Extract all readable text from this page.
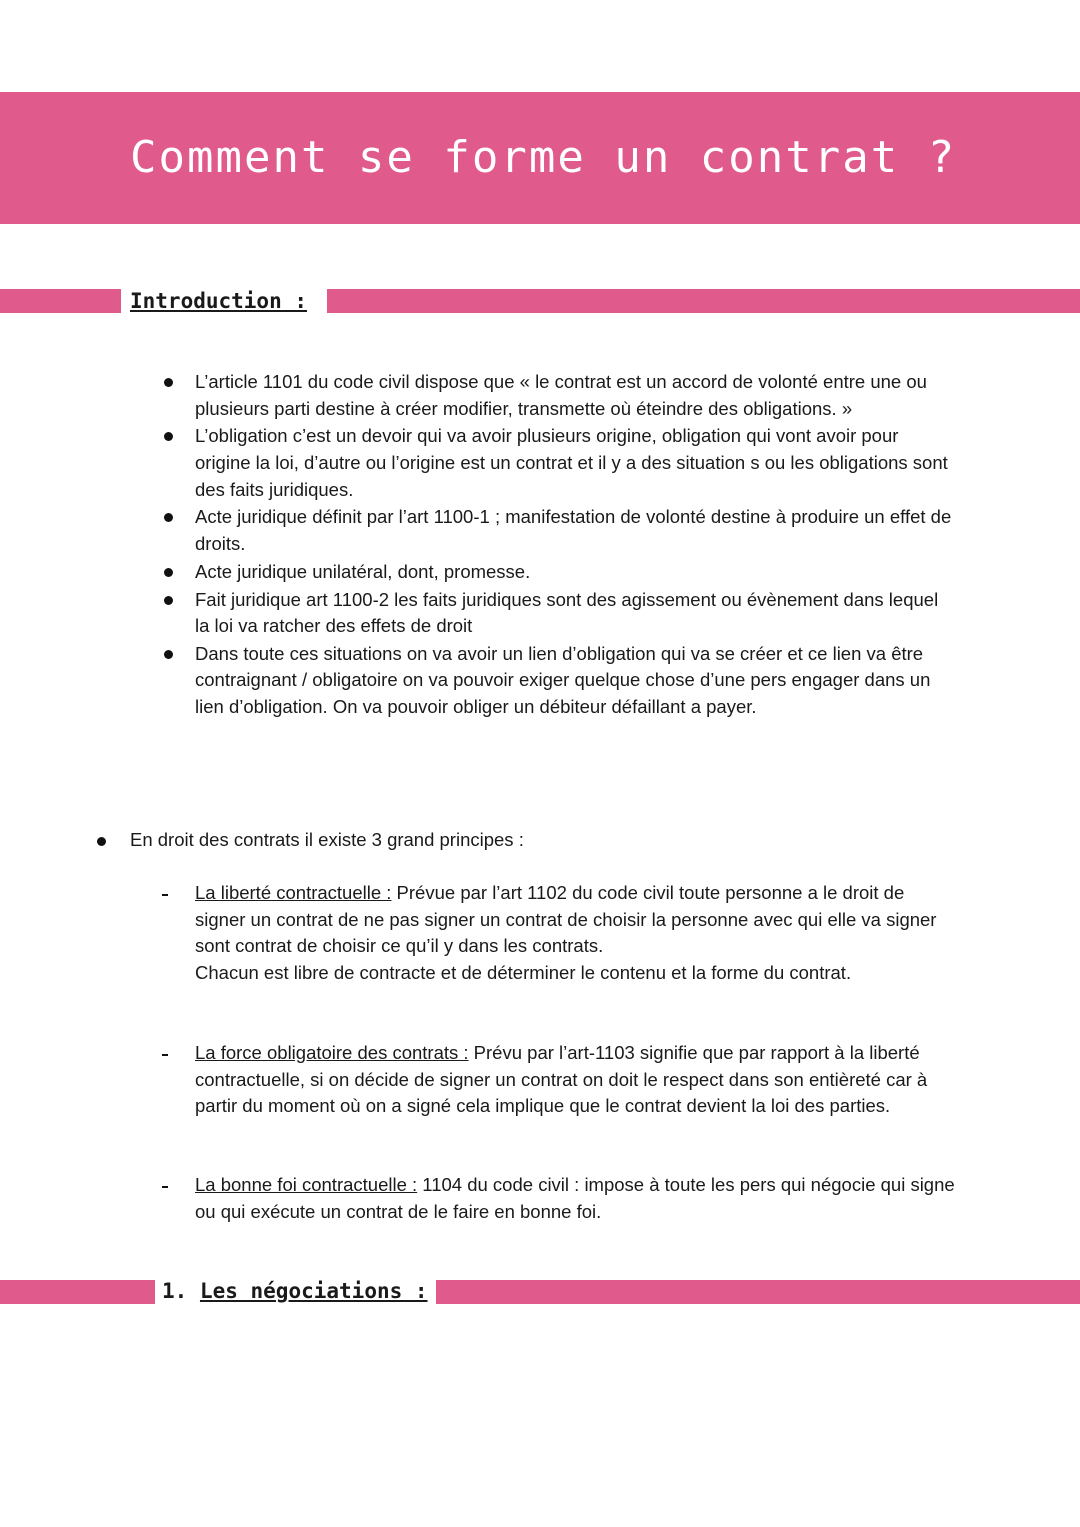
Comment se forme un contrat ?
Introduction :
L’article 1101 du code civil dispose que « le contrat est un accord de volonté entre une ou plusieurs parti destine à créer modifier, transmette où éteindre des obligations. »
L’obligation c’est un devoir qui va avoir plusieurs origine, obligation qui vont avoir pour origine la loi, d’autre ou l’origine est un contrat et il y a des situation s ou les obligations sont des faits juridiques.
Acte juridique définit par l’art 1100-1 ; manifestation de volonté destine à produire un effet de droits.
Acte juridique unilatéral, dont, promesse.
Fait juridique art 1100-2 les faits juridiques sont des agissement ou évènement dans lequel la loi va ratcher des effets de droit
Dans toute ces situations on va avoir un lien d’obligation qui va se créer et ce lien va être contraignant / obligatoire on va pouvoir exiger quelque chose d’une pers engager dans un lien d’obligation. On va pouvoir obliger un débiteur défaillant a payer.
En droit des contrats il existe 3 grand principes :
La liberté contractuelle : Prévue par l’art 1102 du code civil toute personne a le droit de signer un contrat de ne pas signer un contrat de choisir la personne avec qui elle va signer sont contrat de choisir ce qu’il y dans les contrats.
Chacun est libre de contracte et de déterminer le contenu et la forme du contrat.
La force obligatoire des contrats : Prévu par l’art-1103 signifie que par rapport à la liberté contractuelle, si on décide de signer un contrat on doit le respect dans son entièreté car à partir du moment où on a signé cela implique que le contrat devient la loi des parties.
La bonne foi contractuelle : 1104 du code civil : impose à toute les pers qui négocie qui signe ou qui exécute un contrat de le faire en bonne foi.
1. Les négociations :
